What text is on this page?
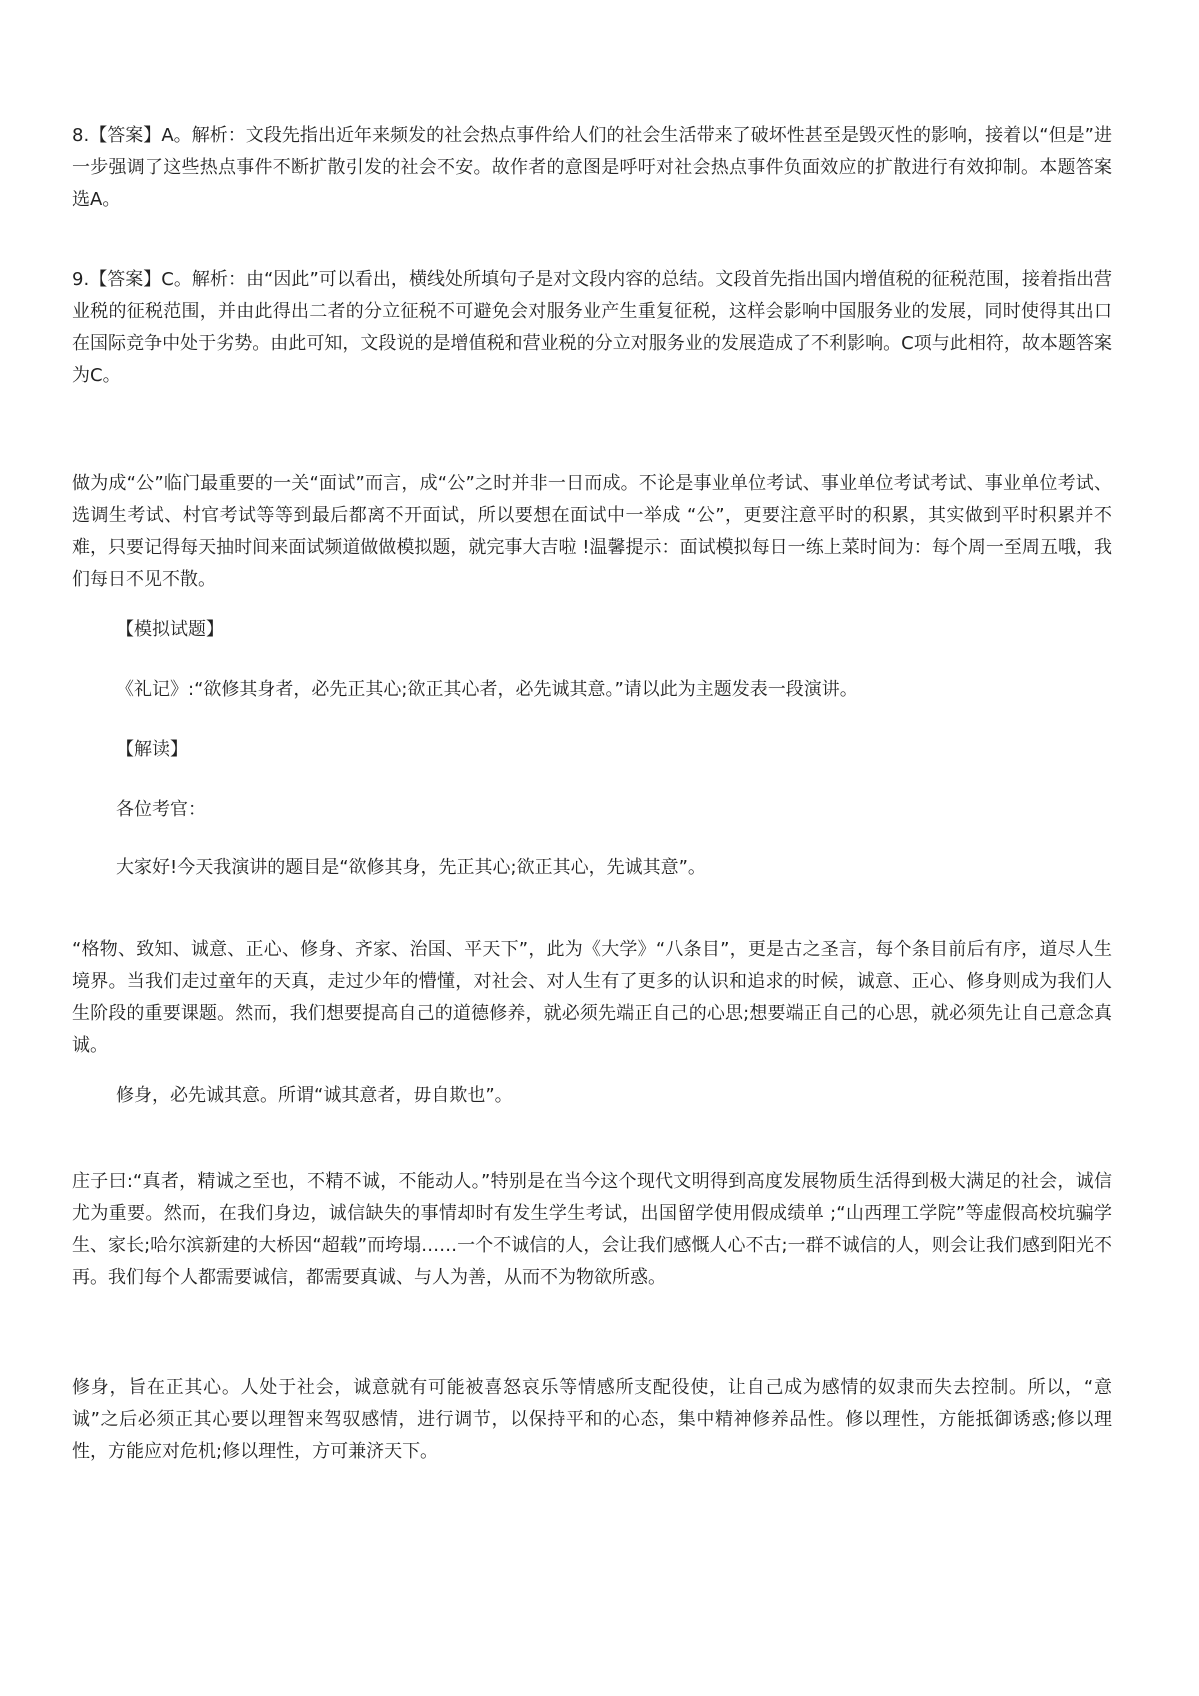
8.【答案】A。解析：文段先指出近年来频发的社会热点事件给人们的社会生活带来了破坏性甚至是毁灭性的影响，接着以“但是”进一步强调了这些热点事件不断扩散引发的社会不安。故作者的意图是呼吁对社会热点事件负面效应的扩散进行有效抑制。本题答案选A。

9.【答案】C。解析：由“因此”可以看出，横线处所填句子是对文段内容的总结。文段首先指出国内增值税的征税范围，接着指出营业税的征税范围，并由此得出二者的分立征税不可避免会对服务业产生重复征税，这样会影响中国服务业的发展，同时使得其出口在国际竞争中处于劣势。由此可知，文段说的是增值税和营业税的分立对服务业的发展造成了不利影响。C项与此相符，故本题答案为C。

做为成“公”临门最重要的一关“面试”而言，成“公”之时并非一日而成。不论是事业单位考试、事业单位考试考试、事业单位考试、选调生考试、村官考试等等到最后都离不开面试，所以要想在面试中一举成 “公”，更要注意平时的积累，其实做到平时积累并不难，只要记得每天抽时间来面试频道做做模拟题，就完事大吉啦 !温馨提示：面试模拟每日一练上菜时间为：每个周一至周五哦，我们每日不见不散。

【模拟试题】

《礼记》:“欲修其身者，必先正其心;欲正其心者，必先诚其意。”请以此为主题发表一段演讲。

【解读】

各位考官：

大家好!今天我演讲的题目是“欲修其身，先正其心;欲正其心，先诚其意”。

“格物、致知、诚意、正心、修身、齐家、治国、平天下”，此为《大学》“八条目”，更是古之圣言，每个条目前后有序，道尽人生境界。当我们走过童年的天真，走过少年的懵懂，对社会、对人生有了更多的认识和追求的时候，诚意、正心、修身则成为我们人生阶段的重要课题。然而，我们想要提高自己的道德修养，就必须先端正自己的心思;想要端正自己的心思，就必须先让自己意念真诚。

修身，必先诚其意。所谓“诚其意者，毋自欺也”。

庄子曰:“真者，精诚之至也，不精不诚，不能动人。”特别是在当今这个现代文明得到高度发展物质生活得到极大满足的社会，诚信尤为重要。然而，在我们身边，诚信缺失的事情却时有发生学生考试，出国留学使用假成绩单 ;“山西理工学院”等虚假高校坑骗学生、家长;哈尔滨新建的大桥因“超载”而垮塌……一个不诚信的人，会让我们感慨人心不古;一群不诚信的人，则会让我们感到阳光不再。我们每个人都需要诚信，都需要真诚、与人为善，从而不为物欲所惑。

修身，旨在正其心。人处于社会，诚意就有可能被喜怒哀乐等情感所支配役使，让自己成为感情的奴隶而失去控制。所以，“意诚”之后必须正其心要以理智来驾驭感情，进行调节，以保持平和的心态，集中精神修养品性。修以理性，方能抵御诱惑;修以理性，方能应对危机;修以理性，方可兼济天下。
